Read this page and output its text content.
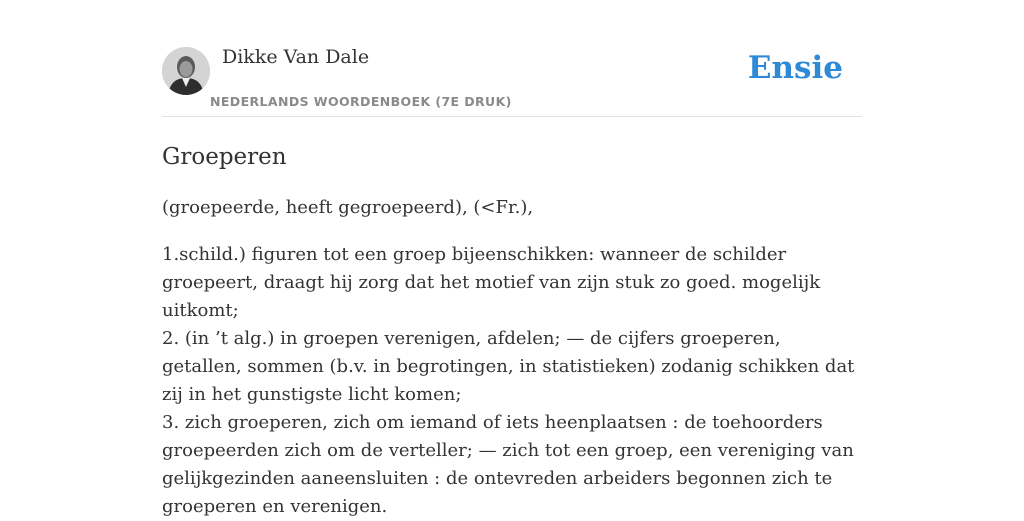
Dikke Van Dale
NEDERLANDS WOORDENBOEK (7E DRUK)
Ensie
Groeperen
(groepeerde, heeft gegroepeerd), (<Fr.),
1.schild.) figuren tot een groep bijeenschikken: wanneer de schilder groepeert, draagt hij zorg dat het motief van zijn stuk zo goed. mogelijk uitkomt;
2. (in ’t alg.) in groepen verenigen, afdelen; — de cijfers groeperen, getallen, sommen (b.v. in begrotingen, in statistieken) zodanig schikken dat zij in het gunstigste licht komen;
3. zich groeperen, zich om iemand of iets heenplaatsen : de toehoorders groepeerden zich om de verteller; — zich tot een groep, een vereniging van gelijkgezinden aaneensluiten : de ontevreden arbeiders begonnen zich te groeperen en verenigen.
